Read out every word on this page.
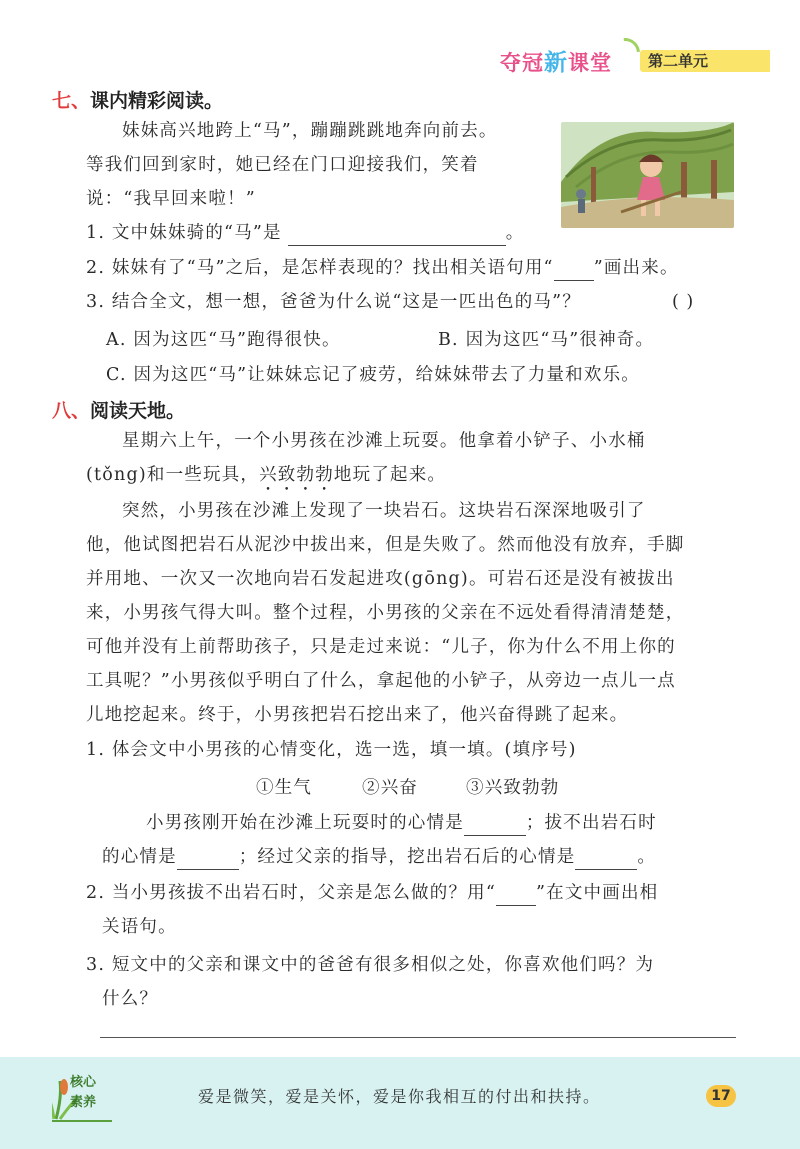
夺冠新课堂	第二单元
七、课内精彩阅读。
妹妹高兴地跨上“马”，蹦蹦跳跳地奔向前去。
等我们回到家时，她已经在门口迎接我们，笑着
说：“我早回来啦！”
1. 文中妹妹骑的“马”是	。
2. 妹妹有了“马”之后，是怎样表现的？找出相关语句用“ ”画出来。
3. 结合全文，想一想，爸爸为什么说“这是一匹出色的马”？	( )
A. 因为这匹“马”跑得很快。	B. 因为这匹“马”很神奇。
C. 因为这匹“马”让妹妹忘记了疲劳，给妹妹带去了力量和欢乐。
八、阅读天地。
星期六上午，一个小男孩在沙滩上玩耍。他拿着小铲子、小水桶
(tǒng)和一些玩具，兴致勃勃地玩了起来。
突然，小男孩在沙滩上发现了一块岩石。这块岩石深深地吸引了
他，他试图把岩石从泥沙中拔出来，但是失败了。然而他没有放弃，手脚
并用地、一次又一次地向岩石发起进攻(gōng)。可岩石还是没有被拔出
来，小男孩气得大叫。整个过程，小男孩的父亲在不远处看得清清楚楚，
可他并没有上前帮助孩子，只是走过来说：“儿子，你为什么不用上你的
工具呢？”小男孩似乎明白了什么，拿起他的小铲子，从旁边一点儿一点
儿地挖起来。终于，小男孩把岩石挖出来了，他兴奋得跳了起来。
1. 体会文中小男孩的心情变化，选一选，填一填。(填序号)
①生气	②兴奋	③兴致勃勃
小男孩刚开始在沙滩上玩耍时的心情是	；拔不出岩石时
的心情是	；经过父亲的指导，挖出岩石后的心情是	。
2. 当小男孩拔不出岩石时，父亲是怎么做的？用“ ”在文中画出相
关语句。
3. 短文中的父亲和课文中的爸爸有很多相似之处，你喜欢他们吗？为
什么？
核心
素养	爱是微笑，爱是关怀，爱是你我相互的付出和扶持。	17
